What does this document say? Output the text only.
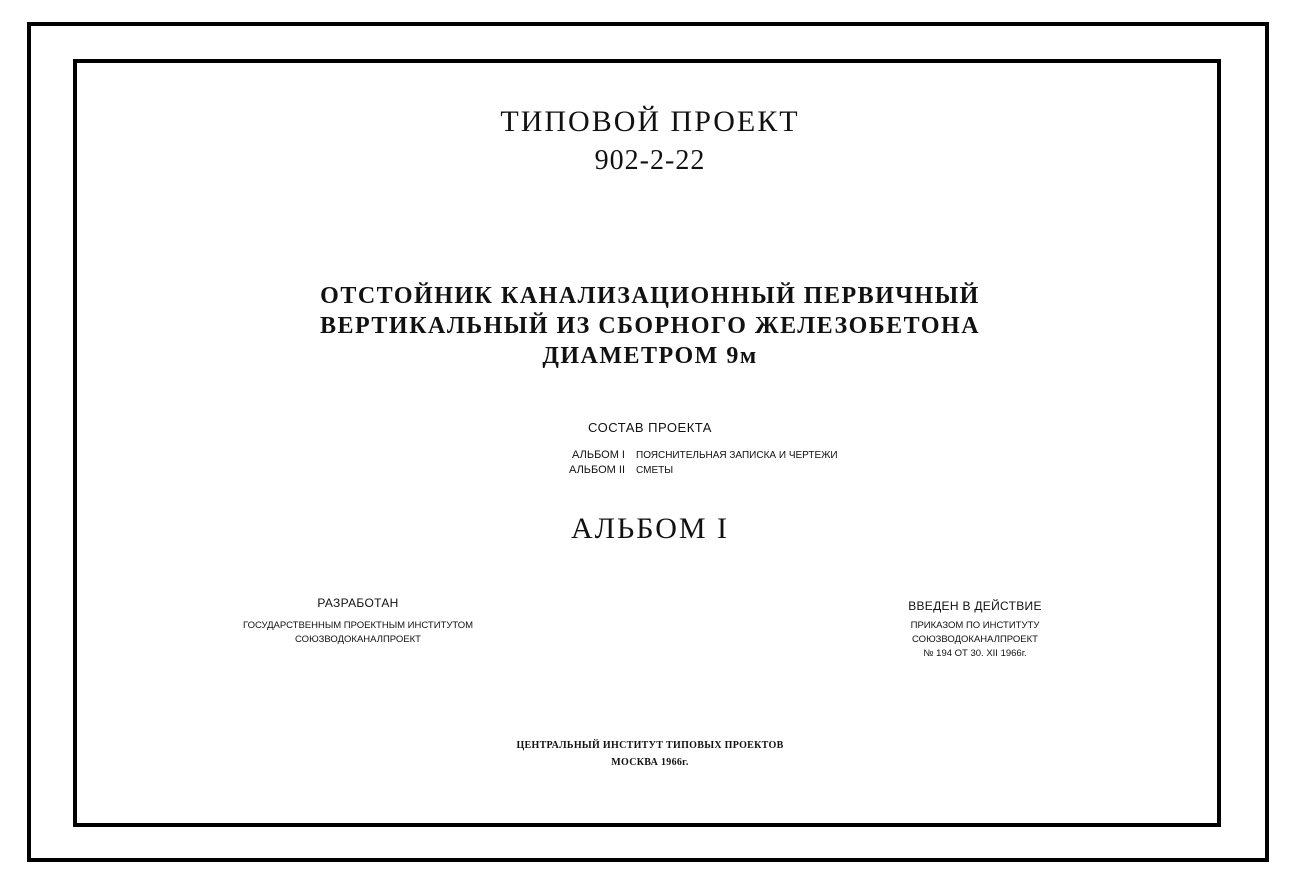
ТИПОВОЙ ПРОЕКТ
902-2-22
ОТСТОЙНИК КАНАЛИЗАЦИОННЫЙ ПЕРВИЧНЫЙ
ВЕРТИКАЛЬНЫЙ ИЗ СБОРНОГО ЖЕЛЕЗОБЕТОНА
ДИАМЕТРОМ 9м
СОСТАВ ПРОЕКТА
АЛЬБОМ I ПОЯСНИТЕЛЬНАЯ ЗАПИСКА И ЧЕРТЕЖИ
АЛЬБОМ II СМЕТЫ
АЛЬБОМ I
РАЗРАБОТАН
ГОСУДАРСТВЕННЫМ ПРОЕКТНЫМ ИНСТИТУТОМ
СОЮЗВОДОКАНАЛПРОЕКТ
ВВЕДЕН В ДЕЙСТВИЕ
ПРИКАЗОМ ПО ИНСТИТУТУ
СОЮЗВОДОКАНАЛПРОЕКТ
№ 194 ОТ 30. XII 1966г.
ЦЕНТРАЛЬНЫЙ ИНСТИТУТ ТИПОВЫХ ПРОЕКТОВ
МОСКВА 1966г.
